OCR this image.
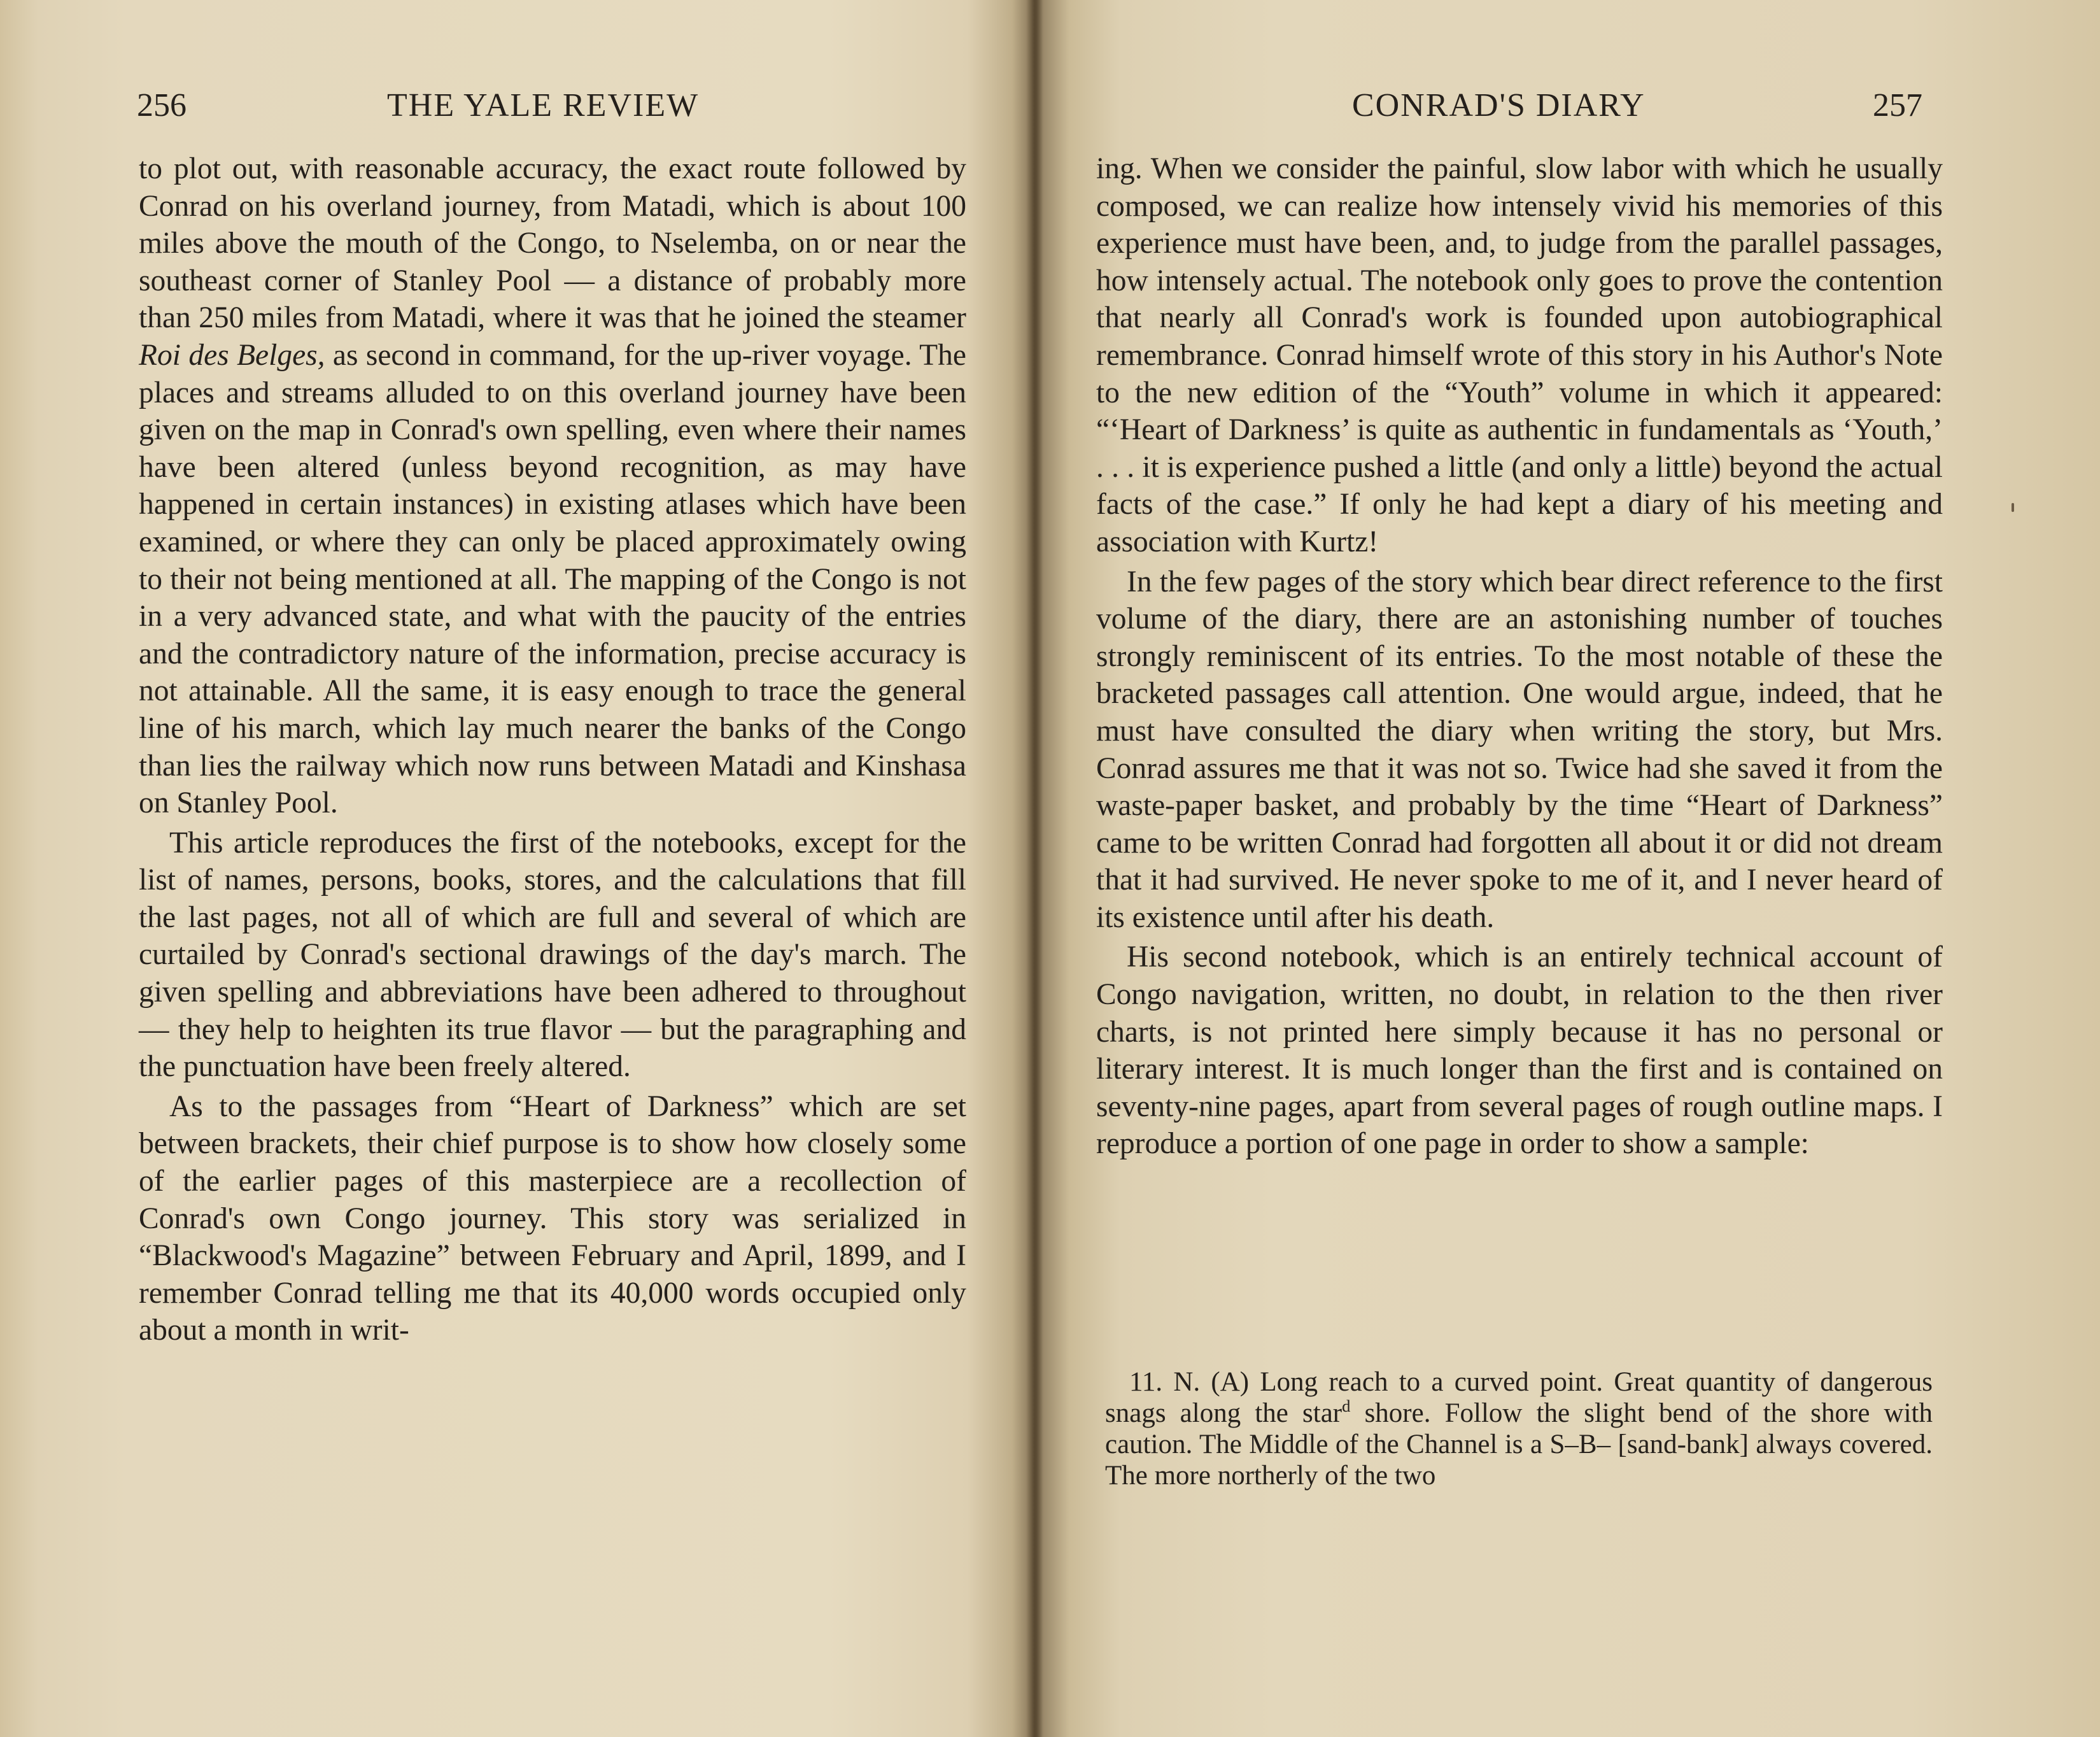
256	THE YALE REVIEW

to plot out, with reasonable accuracy, the exact route followed by Conrad on his overland journey, from Matadi, which is about 100 miles above the mouth of the Congo, to Nselemba, on or near the southeast corner of Stanley Pool — a distance of probably more than 250 miles from Matadi, where it was that he joined the steamer Roi des Belges, as second in command, for the up-river voyage. The places and streams alluded to on this overland journey have been given on the map in Conrad's own spelling, even where their names have been altered (unless beyond recognition, as may have happened in certain instances) in existing atlases which have been examined, or where they can only be placed approximately owing to their not being mentioned at all. The mapping of the Congo is not in a very advanced state, and what with the paucity of the entries and the contradictory nature of the information, precise accuracy is not attainable. All the same, it is easy enough to trace the general line of his march, which lay much nearer the banks of the Congo than lies the railway which now runs between Matadi and Kinshasa on Stanley Pool.

This article reproduces the first of the notebooks, except for the list of names, persons, books, stores, and the calculations that fill the last pages, not all of which are full and several of which are curtailed by Conrad's sectional drawings of the day's march. The given spelling and abbreviations have been adhered to throughout — they help to heighten its true flavor — but the paragraphing and the punctuation have been freely altered.

As to the passages from “Heart of Darkness” which are set between brackets, their chief purpose is to show how closely some of the earlier pages of this masterpiece are a recollection of Conrad's own Congo journey. This story was serialized in “Blackwood's Magazine” between February and April, 1899, and I remember Conrad telling me that its 40,000 words occupied only about a month in writ-

CONRAD'S DIARY	257

ing. When we consider the painful, slow labor with which he usually composed, we can realize how intensely vivid his memories of this experience must have been, and, to judge from the parallel passages, how intensely actual. The notebook only goes to prove the contention that nearly all Conrad's work is founded upon autobiographical remembrance. Conrad himself wrote of this story in his Author's Note to the new edition of the “Youth” volume in which it appeared: “‘Heart of Darkness’ is quite as authentic in fundamentals as ‘Youth,’ . . . it is experience pushed a little (and only a little) beyond the actual facts of the case.” If only he had kept a diary of his meeting and association with Kurtz!

In the few pages of the story which bear direct reference to the first volume of the diary, there are an astonishing number of touches strongly reminiscent of its entries. To the most notable of these the bracketed passages call attention. One would argue, indeed, that he must have consulted the diary when writing the story, but Mrs. Conrad assures me that it was not so. Twice had she saved it from the waste-paper basket, and probably by the time “Heart of Darkness” came to be written Conrad had forgotten all about it or did not dream that it had survived. He never spoke to me of it, and I never heard of its existence until after his death.

His second notebook, which is an entirely technical account of Congo navigation, written, no doubt, in relation to the then river charts, is not printed here simply because it has no personal or literary interest. It is much longer than the first and is contained on seventy-nine pages, apart from several pages of rough outline maps. I reproduce a portion of one page in order to show a sample:

11. N. (A) Long reach to a curved point. Great quantity of dangerous snags along the star$^d$ shore. Follow the slight bend of the shore with caution. The Middle of the Channel is a S–B– [sand-bank] always covered. The more northerly of the two
